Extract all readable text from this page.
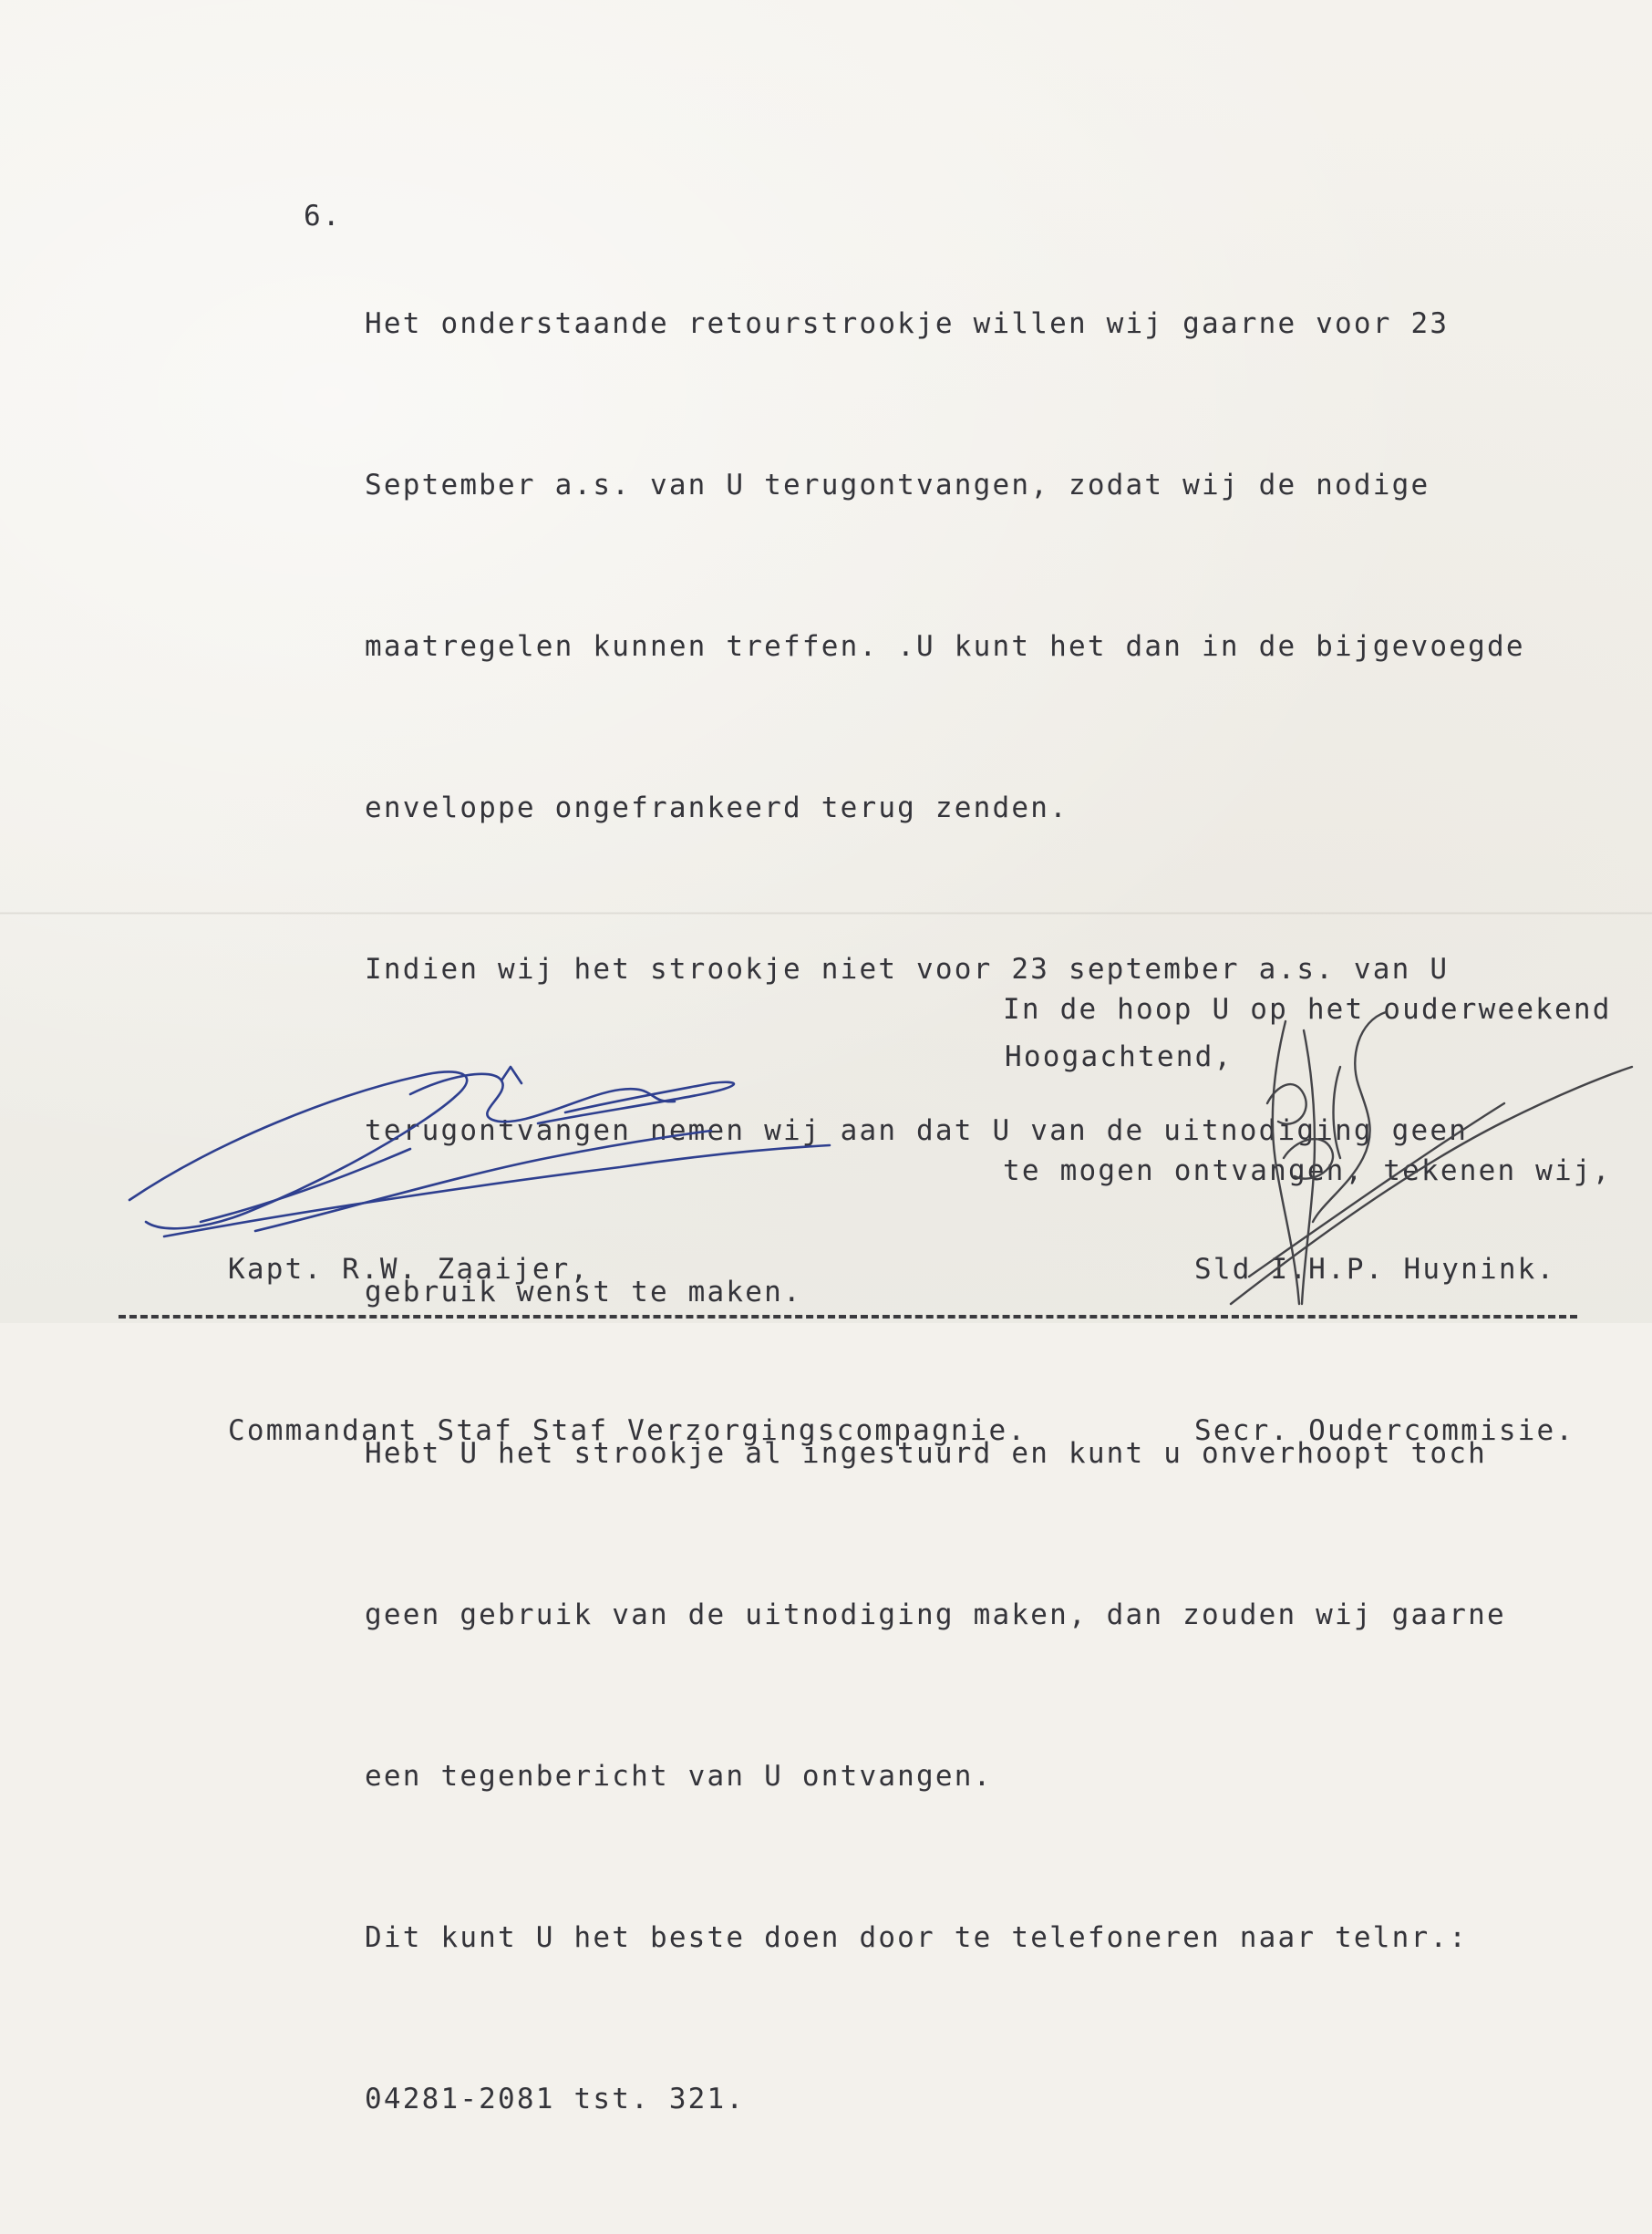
6.

Het onderstaande retourstrookje willen wij gaarne voor 23

September a.s. van U terugontvangen, zodat wij de nodige

maatregelen kunnen treffen. .U kunt het dan in de bijgevoegde

enveloppe ongefrankeerd terug zenden.

Indien wij het strookje niet voor 23 september a.s. van U

terugontvangen nemen wij aan dat U van de uitnodiging geen

gebruik wenst te maken.

Hebt U het strookje al ingestuurd en kunt u onverhoopt toch

geen gebruik van de uitnodiging maken, dan zouden wij gaarne

een tegenbericht van U ontvangen.

Dit kunt U het beste doen door te telefoneren naar telnr.:

04281-2081 tst. 321.

In de hoop U op het ouderweekend

te mogen ontvangen, tekenen wij,

Hoogachtend,

Kapt. R.W. Zaaijer,

Commandant Staf Staf Verzorgingscompagnie.

Sld I.H.P. Huynink.

Secr. Oudercommisie.
